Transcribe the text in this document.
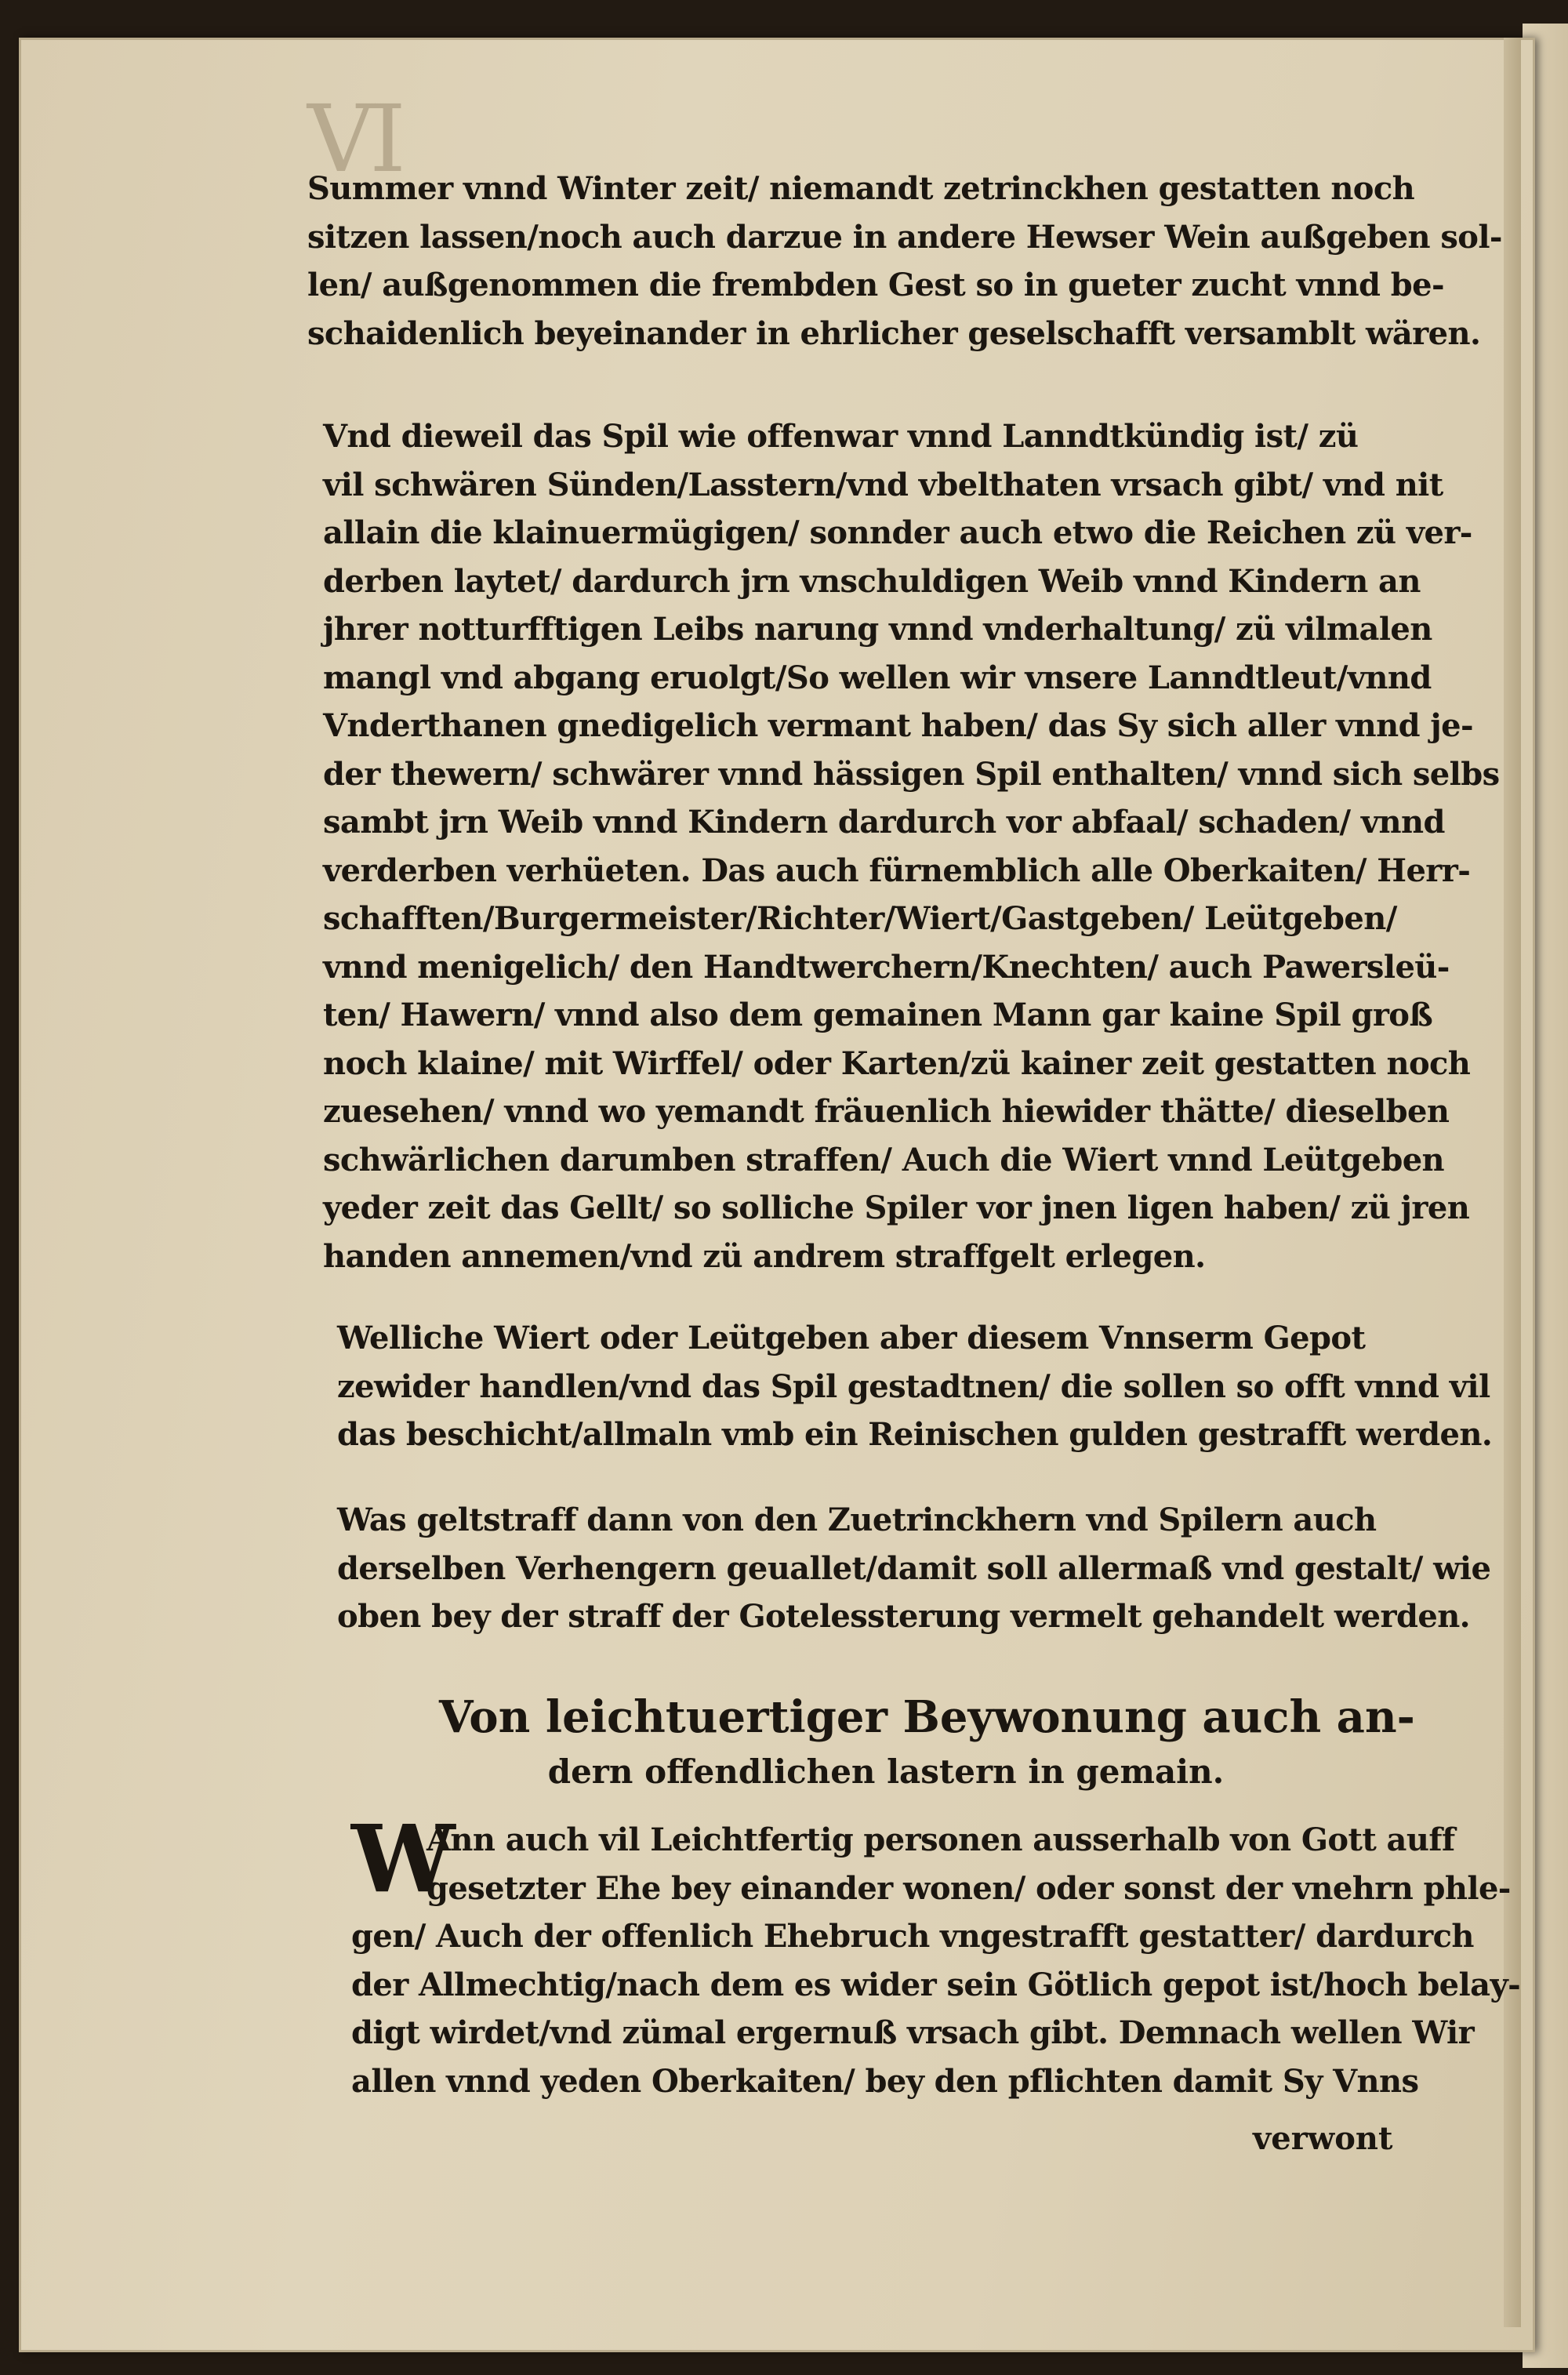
VI
Summer vnnd Winter zeit/ niemandt zetrinckhen gestatten noch
sitzen lassen/noch auch darzue in andere Hewser Wein außgeben sol-
len/ außgenommen die frembden Gest so in gueter zucht vnnd be-
schaidenlich beyeinander in ehrlicher geselschafft versamblt wären.
Vnd dieweil das Spil wie offenwar vnnd Lanndtkündig ist/ zü
vil schwären Sünden/Lasstern/vnd vbelthaten vrsach gibt/ vnd nit
allain die klainuermügigen/ sonnder auch etwo die Reichen zü ver-
derben laytet/ dardurch jrn vnschuldigen Weib vnnd Kindern an
jhrer notturfftigen Leibs narung vnnd vnderhaltung/ zü vilmalen
mangl vnd abgang eruolgt/So wellen wir vnsere Lanndtleut/vnnd
Vnderthanen gnedigelich vermant haben/ das Sy sich aller vnnd je-
der thewern/ schwärer vnnd hässigen Spil enthalten/ vnnd sich selbs
sambt jrn Weib vnnd Kindern dardurch vor abfaal/ schaden/ vnnd
verderben verhüeten. Das auch fürnemblich alle Oberkaiten/ Herr-
schafften/Burgermeister/Richter/Wiert/Gastgeben/ Leütgeben/
vnnd menigelich/ den Handtwerchern/Knechten/ auch Pawersleü-
ten/ Hawern/ vnnd also dem gemainen Mann gar kaine Spil groß
noch klaine/ mit Wirffel/ oder Karten/zü kainer zeit gestatten noch
zuesehen/ vnnd wo yemandt fräuenlich hiewider thätte/ dieselben
schwärlichen darumben straffen/ Auch die Wiert vnnd Leütgeben
yeder zeit das Gellt/ so solliche Spiler vor jnen ligen haben/ zü jren
handen annemen/vnd zü andrem straffgelt erlegen.
Welliche Wiert oder Leütgeben aber diesem Vnnserm Gepot
zewider handlen/vnd das Spil gestadtnen/ die sollen so offt vnnd vil
das beschicht/allmaln vmb ein Reinischen gulden gestrafft werden.
Was geltstraff dann von den Zuetrinckhern vnd Spilern auch
derselben Verhengern geuallet/damit soll allermaß vnd gestalt/ wie
oben bey der straff der Gotelessterung vermelt gehandelt werden.
Von leichtuertiger Beywonung auch an-
dern offendlichen lastern in gemain.
W
Ann auch vil Leichtfertig personen ausserhalb von Gott auff
gesetzter Ehe bey einander wonen/ oder sonst der vnehrn phle-
gen/ Auch der offenlich Ehebruch vngestrafft gestatter/ dardurch
der Allmechtig/nach dem es wider sein Götlich gepot ist/hoch belay-
digt wirdet/vnd zümal ergernuß vrsach gibt. Demnach wellen Wir
allen vnnd yeden Oberkaiten/ bey den pflichten damit Sy Vnns
verwont
